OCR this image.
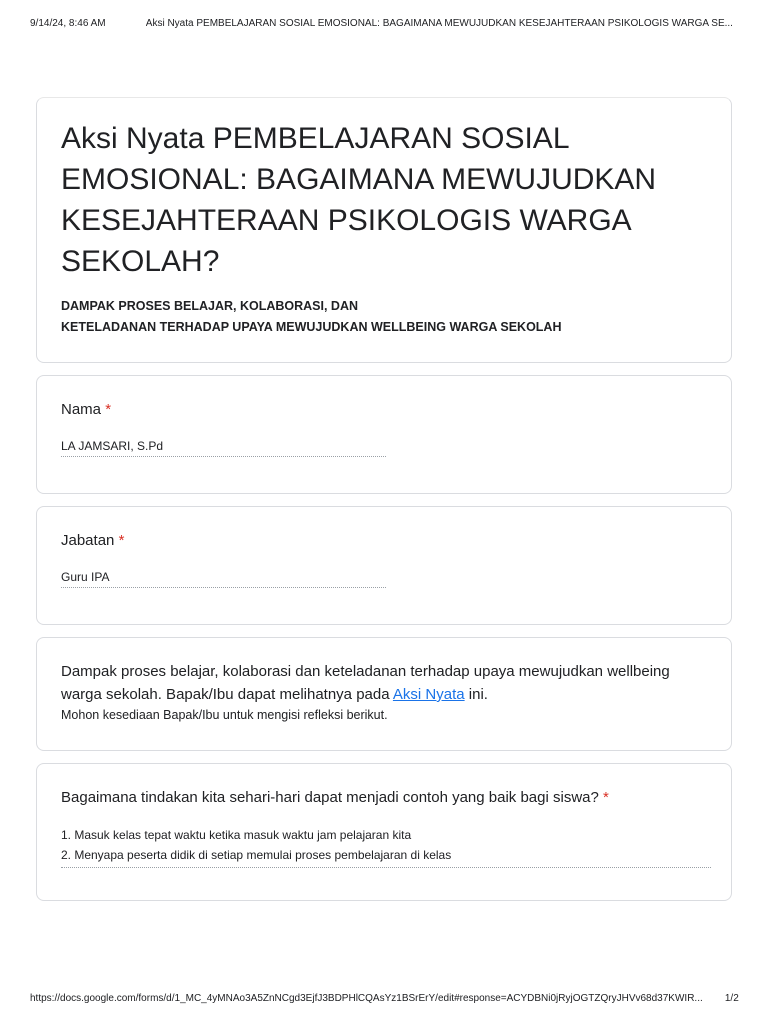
9/14/24, 8:46 AM	Aksi Nyata PEMBELAJARAN SOSIAL EMOSIONAL: BAGAIMANA MEWUJUDKAN KESEJAHTERAAN PSIKOLOGIS WARGA SE...
Aksi Nyata PEMBELAJARAN SOSIAL EMOSIONAL: BAGAIMANA MEWUJUDKAN KESEJAHTERAAN PSIKOLOGIS WARGA SEKOLAH?
DAMPAK PROSES BELAJAR, KOLABORASI, DAN
KETELADANAN TERHADAP UPAYA MEWUJUDKAN WELLBEING WARGA SEKOLAH
Nama *
LA JAMSARI, S.Pd
Jabatan *
Guru IPA
Dampak proses belajar, kolaborasi dan keteladanan terhadap upaya mewujudkan wellbeing warga sekolah. Bapak/Ibu dapat melihatnya pada Aksi Nyata ini.
Mohon kesediaan Bapak/Ibu untuk mengisi refleksi berikut.
Bagaimana tindakan kita sehari-hari dapat menjadi contoh yang baik bagi siswa? *
1. Masuk kelas tepat waktu ketika masuk waktu jam pelajaran kita
2. Menyapa peserta didik di setiap memulai proses pembelajaran di kelas
https://docs.google.com/forms/d/1_MC_4yMNAo3A5ZnNCgd3EjfJ3BDPHlCQAsYz1BSrErY/edit#response=ACYDBNi0jRyjOGTZQryJHVv68d37KWIR... 1/2
